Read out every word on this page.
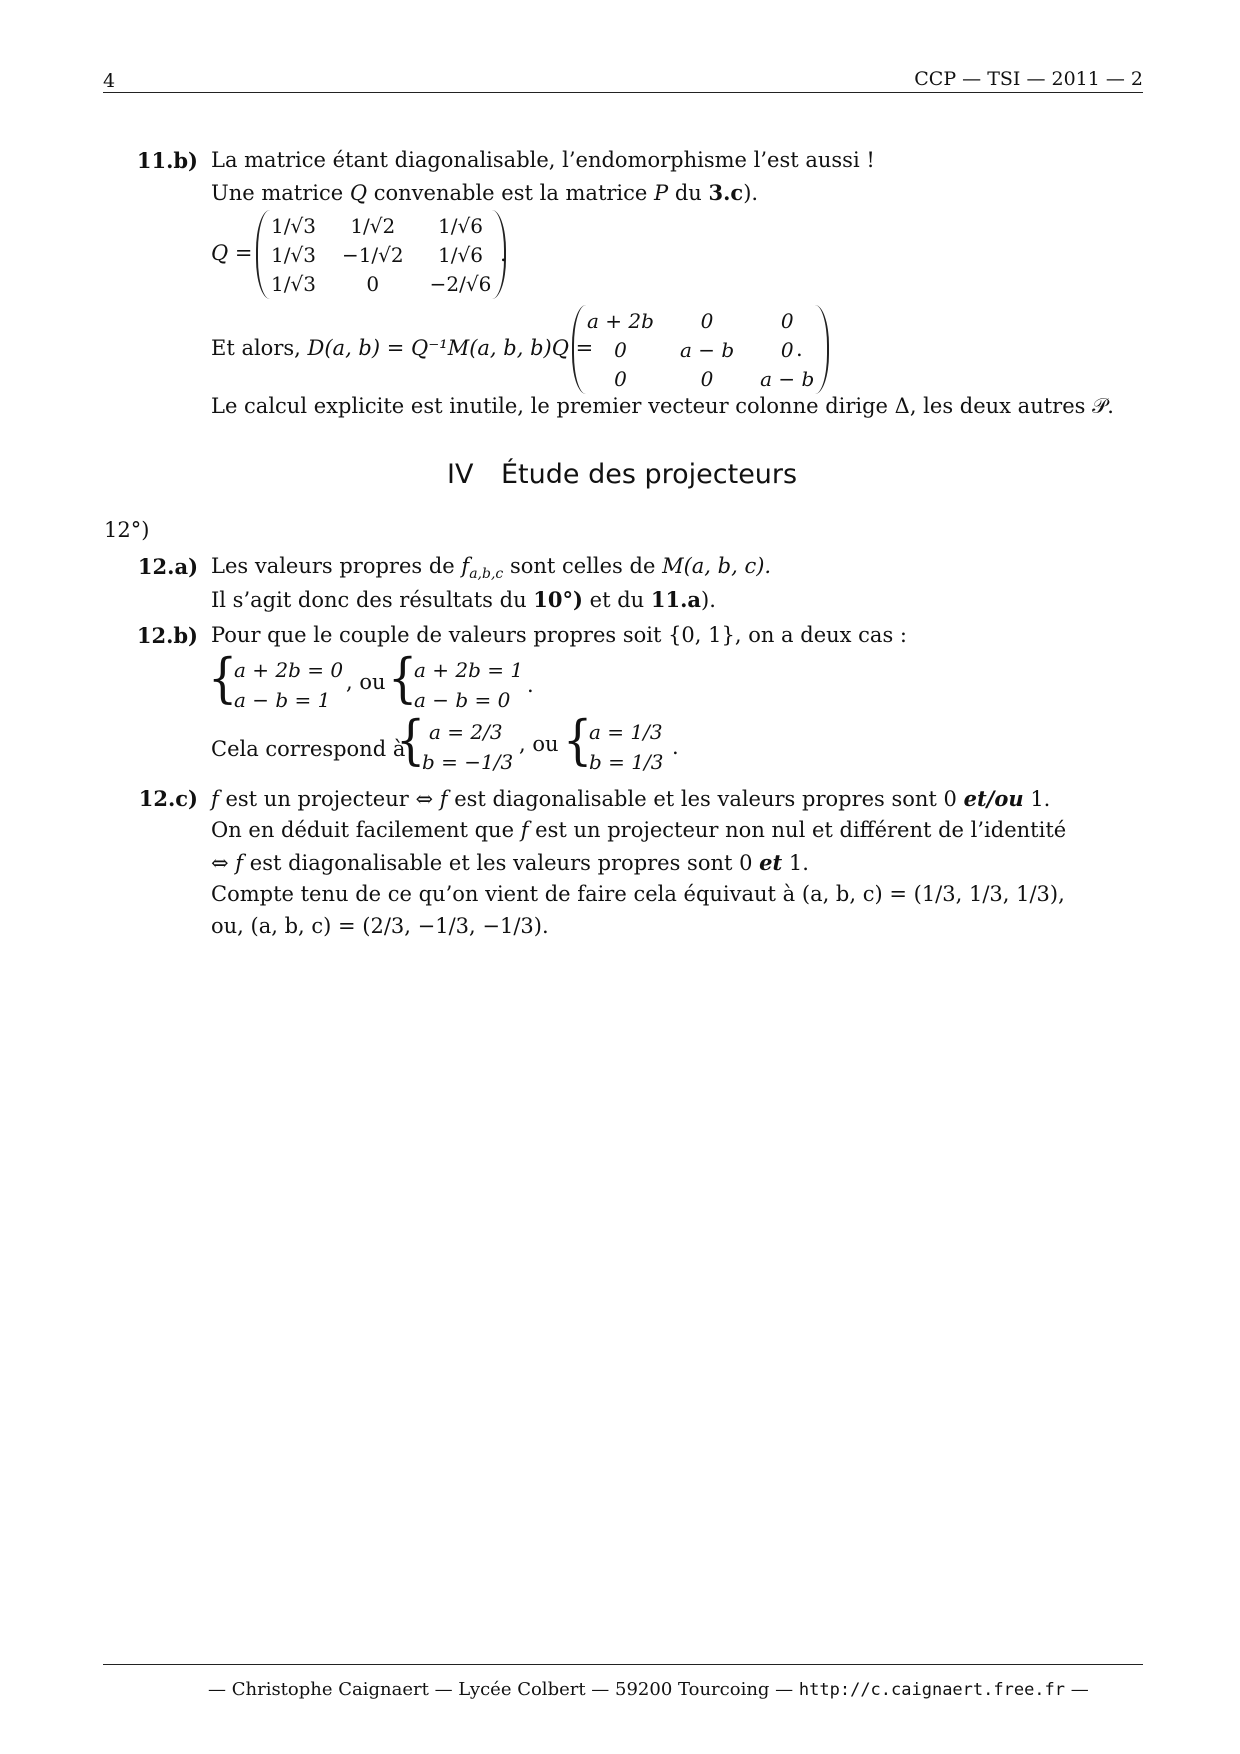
4	CCP — TSI — 2011 — 2
11.b) La matrice étant diagonalisable, l’endomorphisme l’est aussi !
Une matrice Q convenable est la matrice P du 3.c).
Q =
1/√3	1/√2	1/√6
1/√3	−1/√2	1/√6
1/√3	0	−2/√6
.
Et alors, D(a, b) = Q⁻¹M(a, b, b)Q =
a + 2b	0	0
0	a − b	0
0	0	a − b
.
Le calcul explicite est inutile, le premier vecteur colonne dirige Δ, les deux autres 𝒫.
IV Étude des projecteurs
12°)
12.a) Les valeurs propres de $f_{a,b,c}$ sont celles de M(a, b, c).
Il s’agit donc des résultats du 10°) et du 11.a).
12.b) Pour que le couple de valeurs propres soit {0, 1}, on a deux cas :
{
a + 2b = 0
a − b = 1
, ou {
a + 2b = 1
a − b = 0
.
Cela correspond à
{ a = 2/3
b = −1/3
, ou {
a = 1/3
b = 1/3
.
12.c) f est un projecteur ⇔ f est diagonalisable et les valeurs propres sont 0 et/ou 1.
On en déduit facilement que f est un projecteur non nul et différent de l’identité
⇔ f est diagonalisable et les valeurs propres sont 0 et 1.
Compte tenu de ce qu’on vient de faire cela équivaut à (a, b, c) = (1/3, 1/3, 1/3),
ou, (a, b, c) = (2/3, −1/3, −1/3).
— Christophe Caignaert — Lycée Colbert — 59200 Tourcoing — http://c.caignaert.free.fr —
